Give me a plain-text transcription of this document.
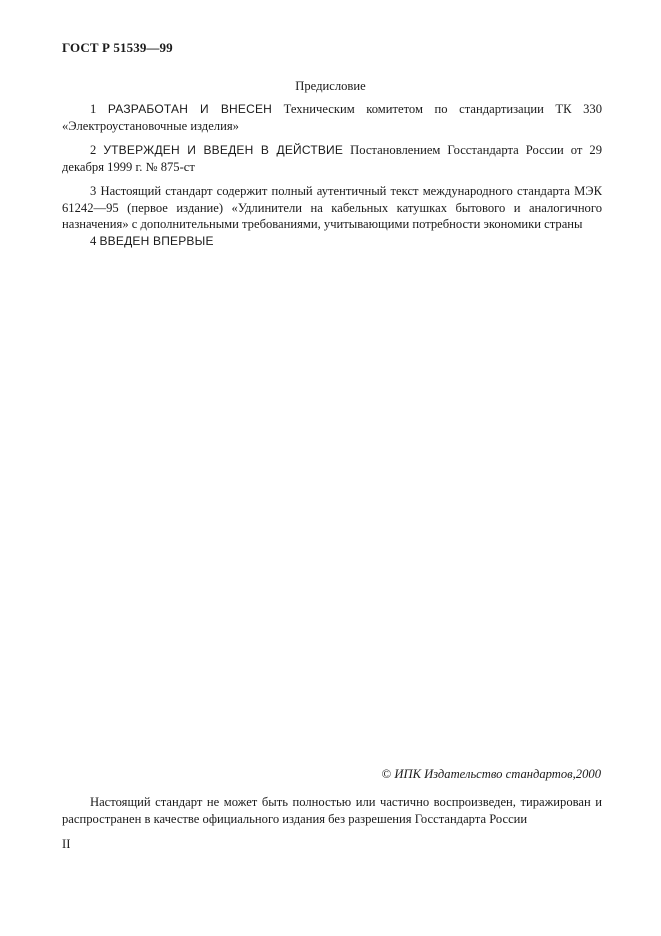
ГОСТ Р 51539—99
Предисловие

1 РАЗРАБОТАН И ВНЕСЕН Техническим комитетом по стандартизации ТК 330 «Электроустановочные изделия»

2 УТВЕРЖДЕН И ВВЕДЕН В ДЕЙСТВИЕ Постановлением Госстандарта России от 29 декабря 1999 г. № 875-ст

3 Настоящий стандарт содержит полный аутентичный текст международного стандарта МЭК 61242—95 (первое издание) «Удлинители на кабельных катушках бытового и аналогичного назначения» с дополнительными требованиями, учитывающими потребности экономики страны

4 ВВЕДЕН ВПЕРВЫЕ

© ИПК Издательство стандартов,2000

Настоящий стандарт не может быть полностью или частично воспроизведен, тиражирован и распространен в качестве официального издания без разрешения Госстандарта России

II
